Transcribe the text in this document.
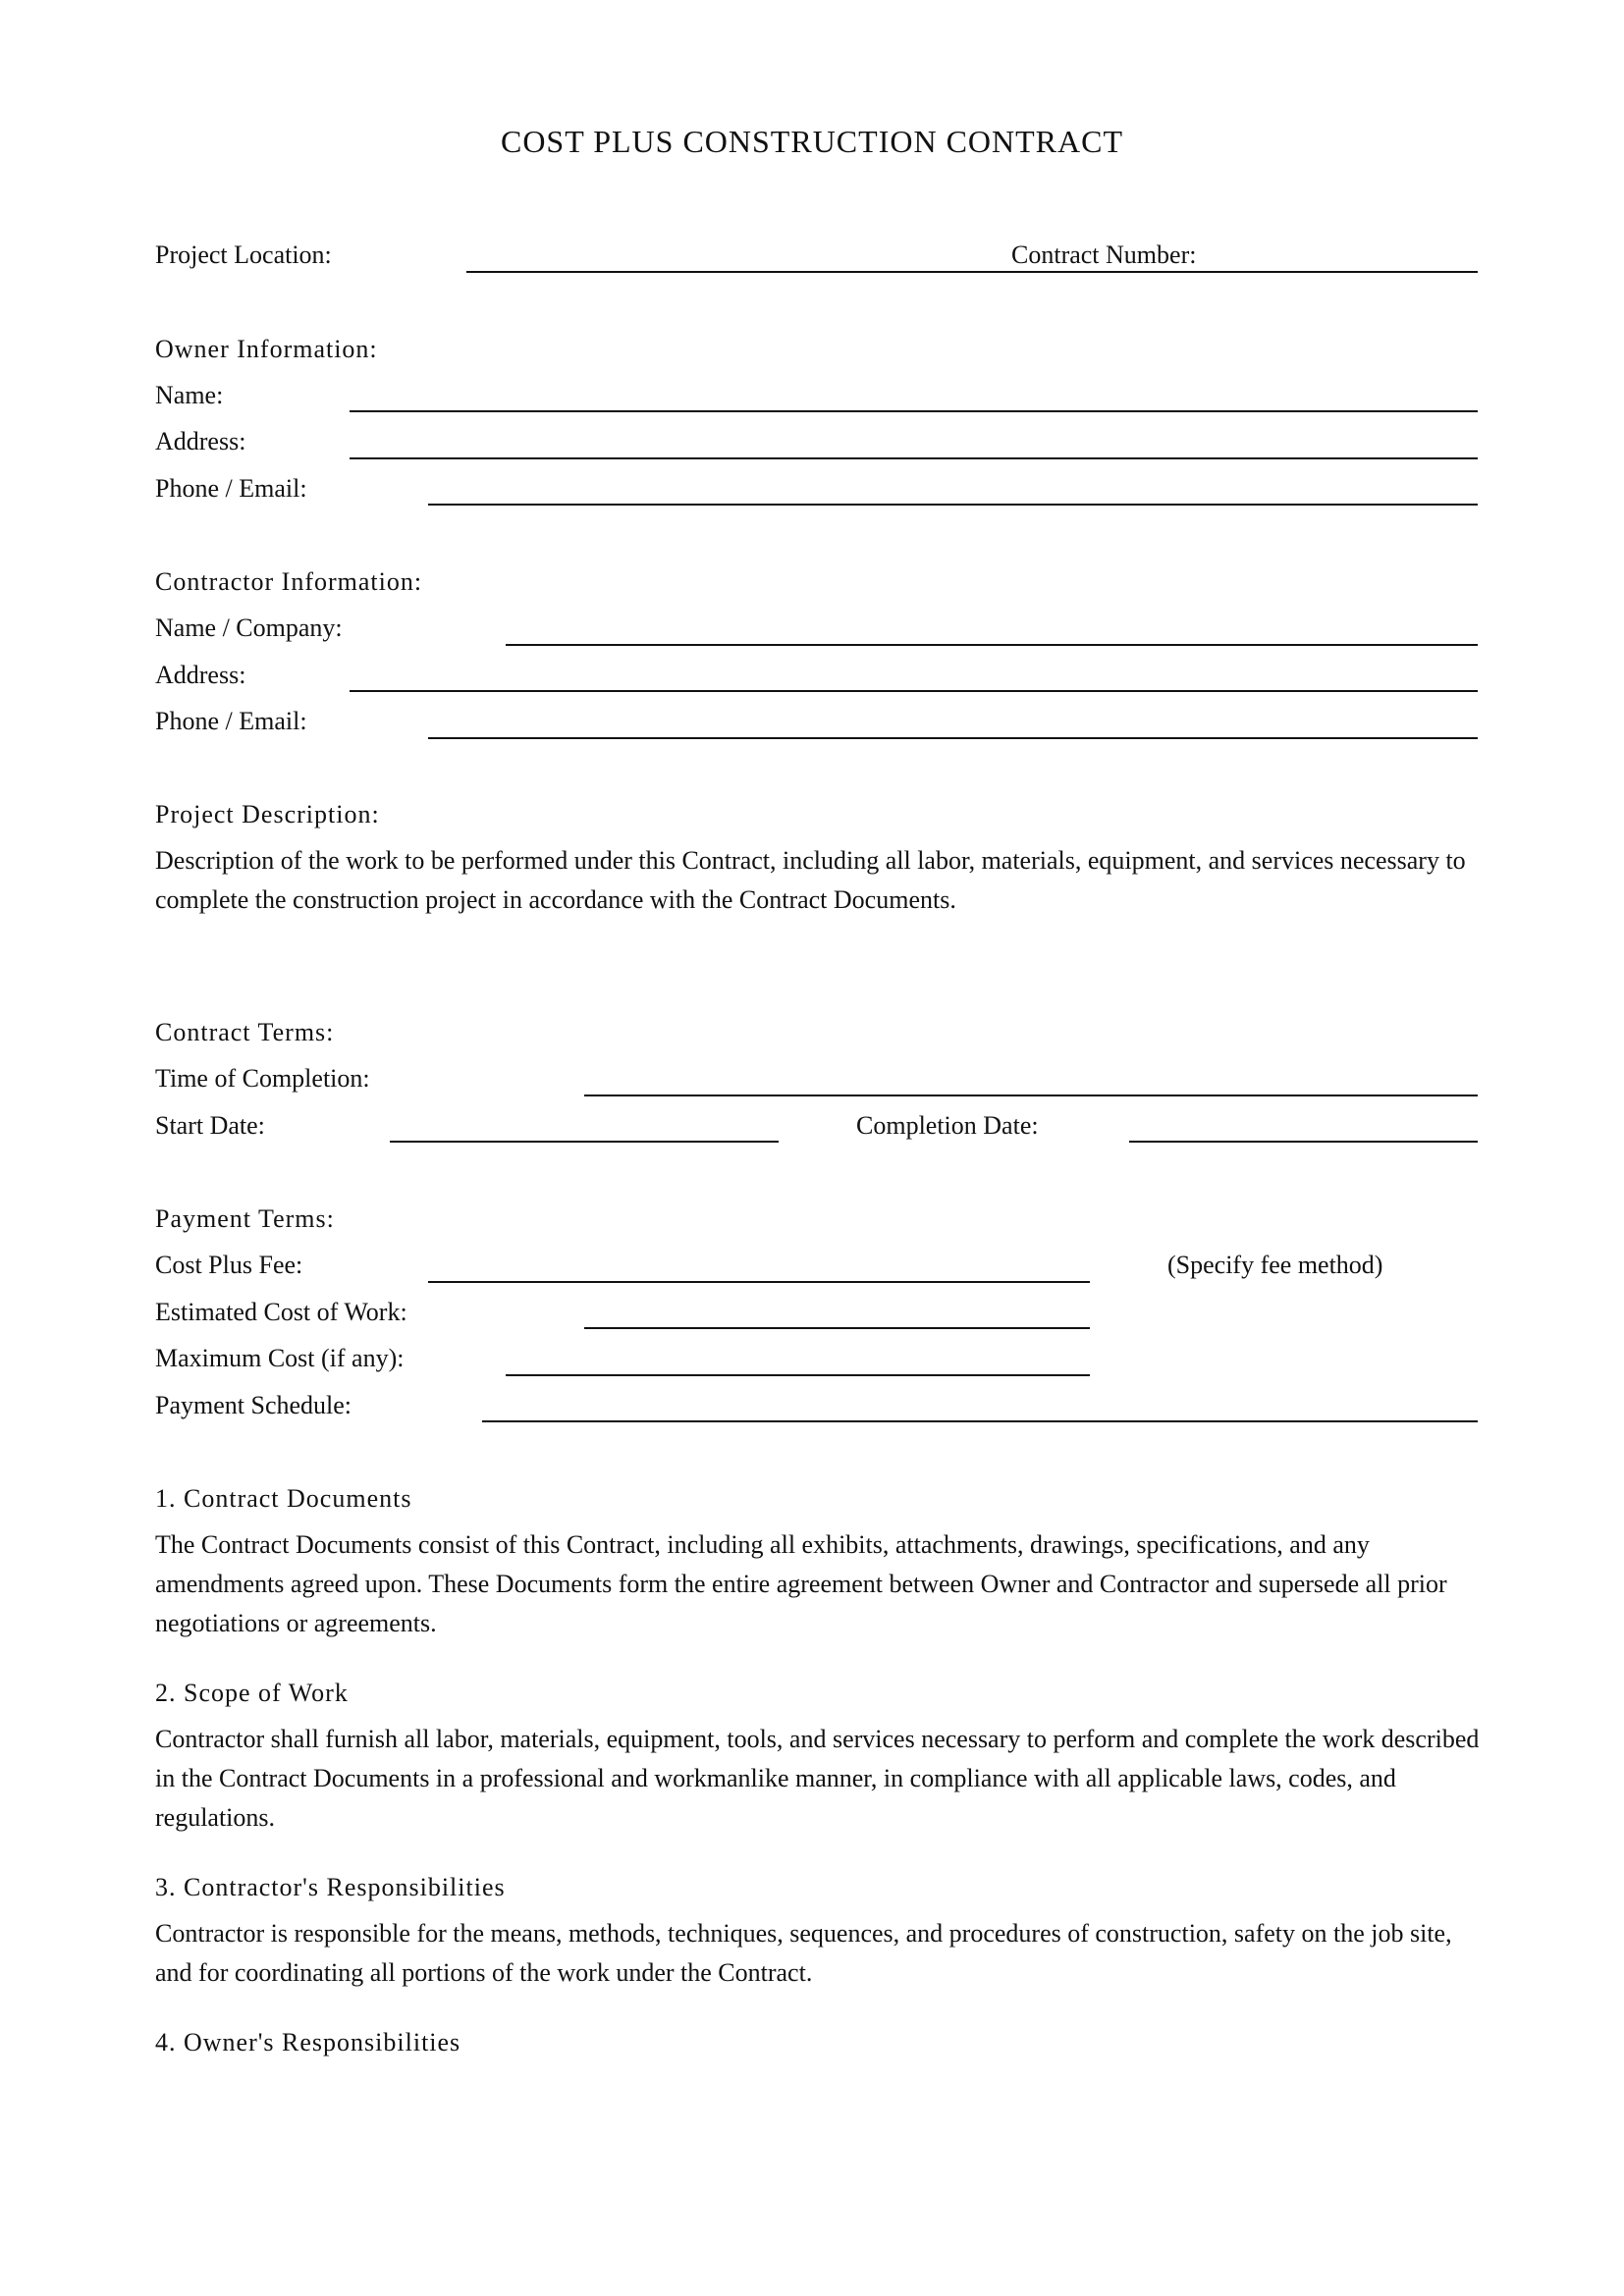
COST PLUS CONSTRUCTION CONTRACT
Project Location:	Contract Number:
Owner Information:
Name:
Address:
Phone / Email:
Contractor Information:
Name / Company:
Address:
Phone / Email:
Project Description:
Description of the work to be performed under this Contract, including all labor, materials, equipment, and services necessary to complete the construction project in accordance with the Contract Documents.
Contract Terms:
Time of Completion:
Start Date:	Completion Date:
Payment Terms:
Cost Plus Fee:	(Specify fee method)
Estimated Cost of Work:
Maximum Cost (if any):
Payment Schedule:
1. Contract Documents
The Contract Documents consist of this Contract, including all exhibits, attachments, drawings, specifications, and any amendments agreed upon. These Documents form the entire agreement between Owner and Contractor and supersede all prior negotiations or agreements.
2. Scope of Work
Contractor shall furnish all labor, materials, equipment, tools, and services necessary to perform and complete the work described in the Contract Documents in a professional and workmanlike manner, in compliance with all applicable laws, codes, and regulations.
3. Contractor's Responsibilities
Contractor is responsible for the means, methods, techniques, sequences, and procedures of construction, safety on the job site, and for coordinating all portions of the work under the Contract.
4. Owner's Responsibilities
